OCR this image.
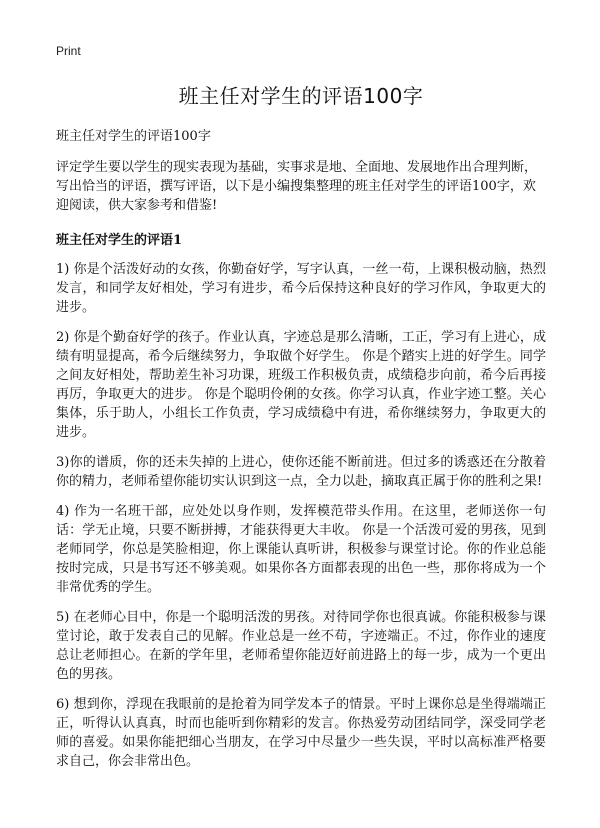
Print
班主任对学生的评语100字

班主任对学生的评语100字

评定学生要以学生的现实表现为基础，实事求是地、全面地、发展地作出合理判断，写出恰当的评语，撰写评语，以下是小编搜集整理的班主任对学生的评语100字，欢迎阅读，供大家参考和借鉴!

班主任对学生的评语1

1) 你是个活泼好动的女孩，你勤奋好学，写字认真，一丝一苟，上课积极动脑，热烈发言，和同学友好相处，学习有进步，希今后保持这种良好的学习作风，争取更大的进步。

2) 你是个勤奋好学的孩子。作业认真，字迹总是那么清晰，工正，学习有上进心，成绩有明显提高，希今后继续努力，争取做个好学生。 你是个踏实上进的好学生。同学之间友好相处，帮助差生补习功课，班级工作积极负责，成绩稳步向前，希今后再接再厉，争取更大的进步。 你是个聪明伶俐的女孩。你学习认真，作业字迹工整。关心集体，乐于助人，小组长工作负责，学习成绩稳中有进，希你继续努力，争取更大的进步。

3)你的谱质，你的还未失掉的上进心，使你还能不断前进。但过多的诱惑还在分散着你的精力，老师希望你能切实认识到这一点，全力以赴，摘取真正属于你的胜利之果!

4) 作为一名班干部，应处处以身作则，发挥模范带头作用。在这里，老师送你一句话：学无止境，只要不断拼搏，才能获得更大丰收。 你是一个活泼可爱的男孩，见到老师同学，你总是笑脸相迎，你上课能认真听讲，积极参与课堂讨论。你的作业总能按时完成，只是书写还不够美观。如果你各方面都表现的出色一些，那你将成为一个非常优秀的学生。

5) 在老师心目中，你是一个聪明活泼的男孩。对待同学你也很真诚。你能积极参与课堂讨论，敢于发表自己的见解。作业总是一丝不苟，字迹端正。不过，你作业的速度总让老师担心。在新的学年里，老师希望你能迈好前进路上的每一步，成为一个更出色的男孩。

6) 想到你，浮现在我眼前的是抢着为同学发本子的情景。平时上课你总是坐得端端正正，听得认认真真，时而也能听到你精彩的发言。你热爱劳动团结同学，深受同学老师的喜爱。如果你能把细心当朋友，在学习中尽量少一些失误，平时以高标准严格要求自己，你会非常出色。
